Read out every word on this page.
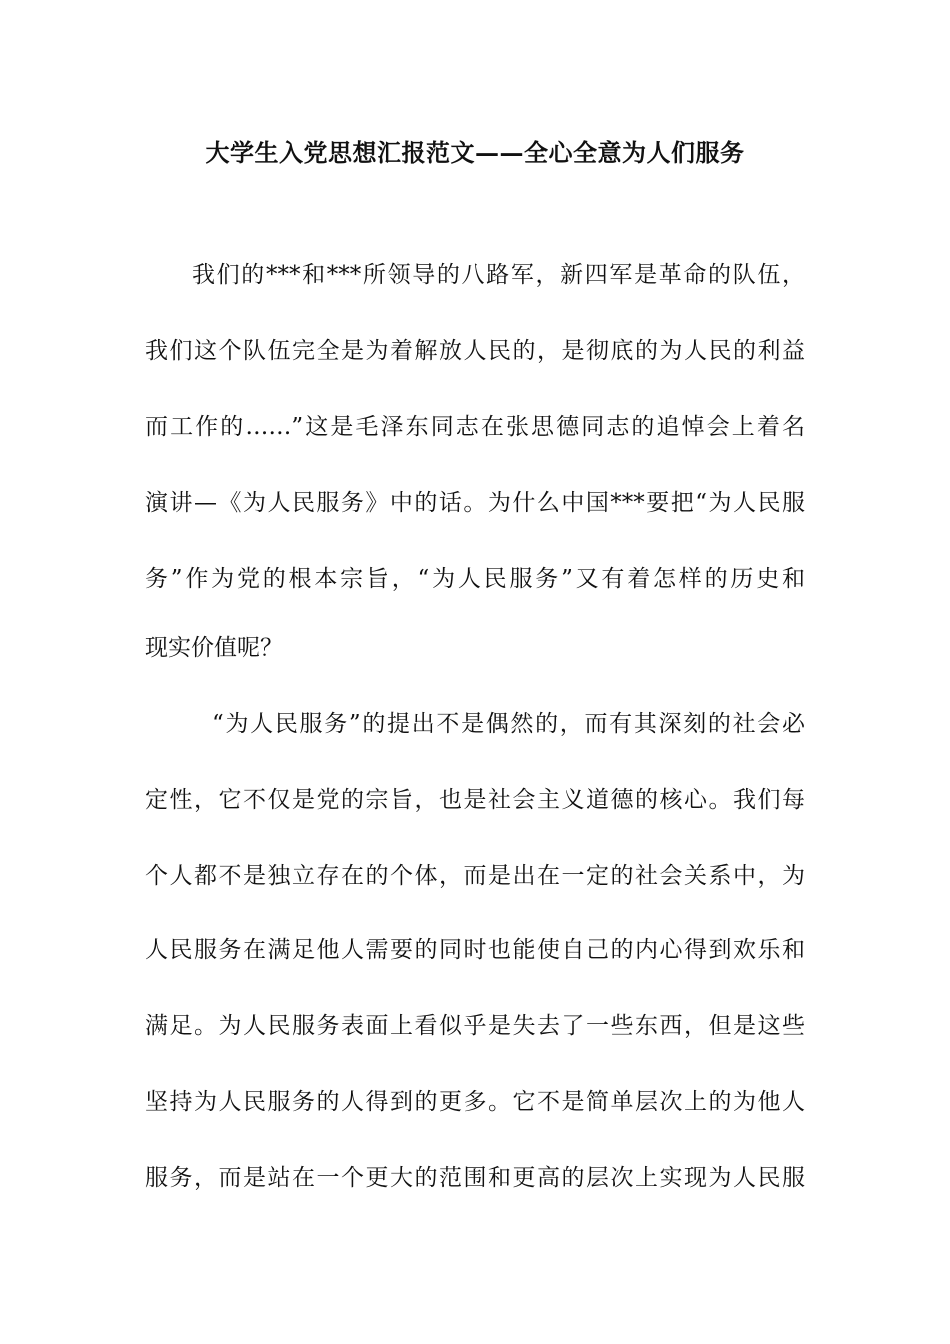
大学生入党思想汇报范文——全心全意为人们服务

我们的***和***所领导的八路军，新四军是革命的队伍，

我们这个队伍完全是为着解放人民的，是彻底的为人民的利益

而工作的……”这是毛泽东同志在张思德同志的追悼会上着名

演讲—《为人民服务》中的话。为什么中国***要把“为人民服

务”作为党的根本宗旨，“为人民服务”又有着怎样的历史和

现实价值呢？

“为人民服务”的提出不是偶然的，而有其深刻的社会必

定性，它不仅是党的宗旨，也是社会主义道德的核心。我们每

个人都不是独立存在的个体，而是出在一定的社会关系中，为

人民服务在满足他人需要的同时也能使自己的内心得到欢乐和

满足。为人民服务表面上看似乎是失去了一些东西，但是这些

坚持为人民服务的人得到的更多。它不是简单层次上的为他人

服务，而是站在一个更大的范围和更高的层次上实现为人民服
